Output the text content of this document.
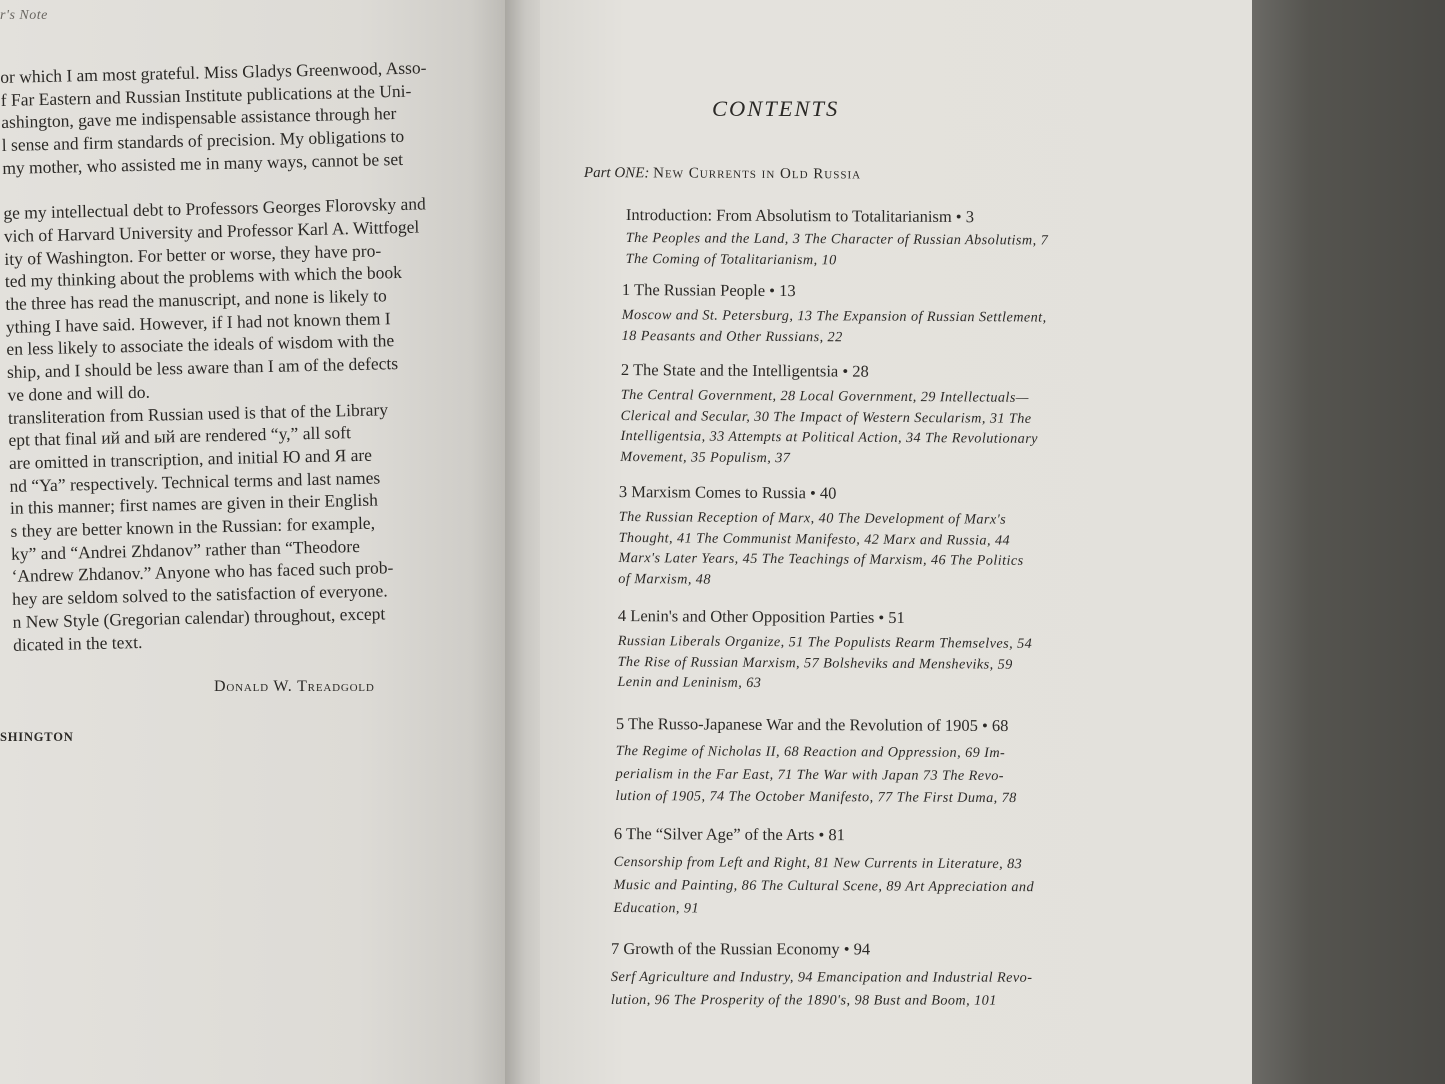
r's Note
or which I am most grateful. Miss Gladys Greenwood, Asso-
f Far Eastern and Russian Institute publications at the Uni-
ashington, gave me indispensable assistance through her
l sense and firm standards of precision. My obligations to
my mother, who assisted me in many ways, cannot be set

ge my intellectual debt to Professors Georges Florovsky and
vich of Harvard University and Professor Karl A. Wittfogel
ity of Washington. For better or worse, they have pro-
ted my thinking about the problems with which the book
the three has read the manuscript, and none is likely to
ything I have said. However, if I had not known them I
en less likely to associate the ideals of wisdom with the
ship, and I should be less aware than I am of the defects
ve done and will do.
transliteration from Russian used is that of the Library
ept that final ий and ый are rendered “y,” all soft
are omitted in transcription, and initial Ю and Я are
nd “Ya” respectively. Technical terms and last names
in this manner; first names are given in their English
s they are better known in the Russian: for example,
ky” and “Andrei Zhdanov” rather than “Theodore
‘Andrew Zhdanov.” Anyone who has faced such prob-
hey are seldom solved to the satisfaction of everyone.
n New Style (Gregorian calendar) throughout, except
dicated in the text.
Donald W. Treadgold
SHINGTON
CONTENTS
Part ONE: New Currents in Old Russia
Introduction: From Absolutism to Totalitarianism • 3
The Peoples and the Land, 3 The Character of Russian Absolutism, 7
The Coming of Totalitarianism, 10
1 The Russian People • 13
Moscow and St. Petersburg, 13 The Expansion of Russian Settlement,
18 Peasants and Other Russians, 22
2 The State and the Intelligentsia • 28
The Central Government, 28 Local Government, 29 Intellectuals—
Clerical and Secular, 30 The Impact of Western Secularism, 31 The
Intelligentsia, 33 Attempts at Political Action, 34 The Revolutionary
Movement, 35 Populism, 37
3 Marxism Comes to Russia • 40
The Russian Reception of Marx, 40 The Development of Marx's
Thought, 41 The Communist Manifesto, 42 Marx and Russia, 44
Marx's Later Years, 45 The Teachings of Marxism, 46 The Politics
of Marxism, 48
4 Lenin's and Other Opposition Parties • 51
Russian Liberals Organize, 51 The Populists Rearm Themselves, 54
The Rise of Russian Marxism, 57 Bolsheviks and Mensheviks, 59
Lenin and Leninism, 63
5 The Russo-Japanese War and the Revolution of 1905 • 68
The Regime of Nicholas II, 68 Reaction and Oppression, 69 Im-
perialism in the Far East, 71 The War with Japan 73 The Revo-
lution of 1905, 74 The October Manifesto, 77 The First Duma, 78
6 The “Silver Age” of the Arts • 81
Censorship from Left and Right, 81 New Currents in Literature, 83
Music and Painting, 86 The Cultural Scene, 89 Art Appreciation and
Education, 91
7 Growth of the Russian Economy • 94
Serf Agriculture and Industry, 94 Emancipation and Industrial Revo-
lution, 96 The Prosperity of the 1890's, 98 Bust and Boom, 101
